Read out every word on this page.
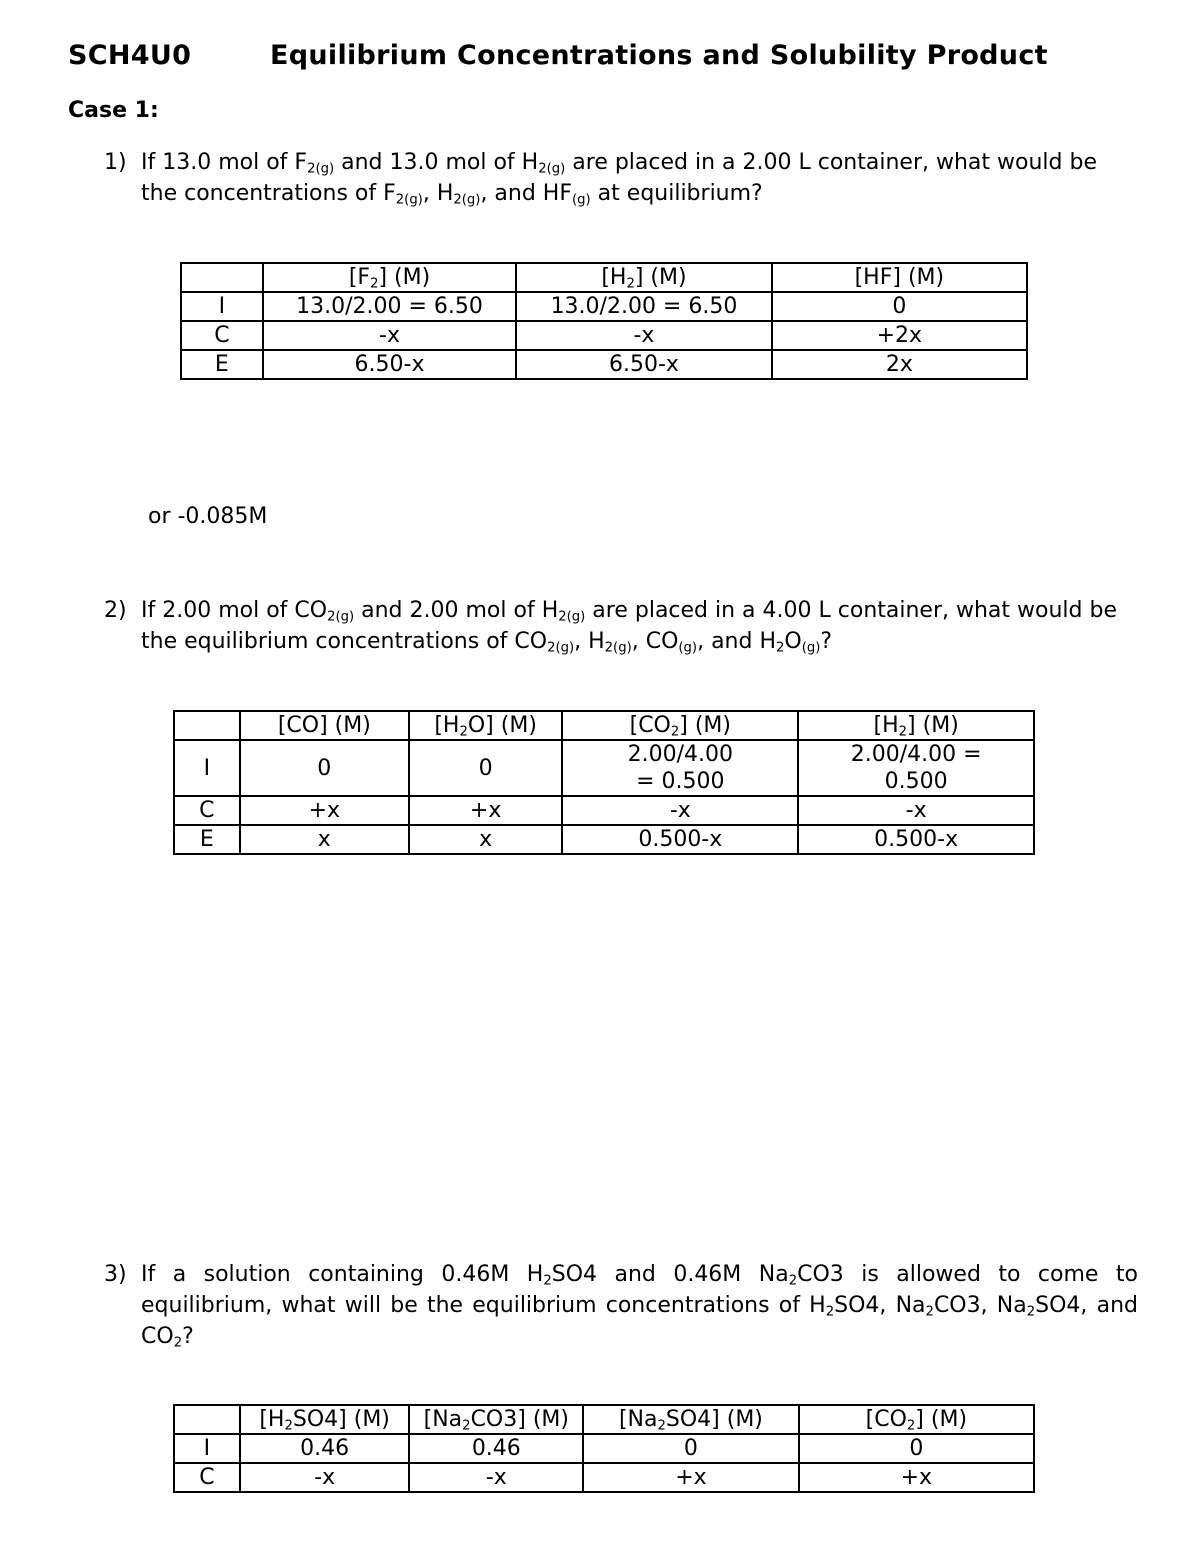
SCH4U0	Equilibrium Concentrations and Solubility Product
Case 1:
1) If 13.0 mol of $F_{2(g)}$ and 13.0 mol of $H_{2(g)}$ are placed in a 2.00 L container, what would be the concentrations of $F_{2(g)}$, $H_{2(g)}$, and $HF_{(g)}$ at equilibrium?
	$[F_2]$ (M)	$[H_2]$ (M)	[HF] (M)
I	13.0/2.00 = 6.50	13.0/2.00 = 6.50	0
C	-x	-x	+2x
E	6.50-x	6.50-x	2x
or -0.085M
2) If 2.00 mol of $CO_{2(g)}$ and 2.00 mol of $H_{2(g)}$ are placed in a 4.00 L container, what would be the equilibrium concentrations of $CO_{2(g)}$, $H_{2(g)}$, $CO_{(g)}$, and $H_2O_{(g)}$?
	[CO] (M)	$[H_2O]$ (M)	$[CO_2]$ (M)	$[H_2]$ (M)
I	0	0	2.00/4.00 = 0.500	2.00/4.00 = 0.500
C	+x	+x	-x	-x
E	x	x	0.500-x	0.500-x
3) If a solution containing 0.46M $H_2SO4$ and 0.46M $Na_2CO3$ is allowed to come to equilibrium, what will be the equilibrium concentrations of $H_2SO4$, $Na_2CO3$, $Na_2SO4$, and $CO_2$?
	$[H_2SO4]$ (M)	$[Na_2CO3]$ (M)	$[Na_2SO4]$ (M)	$[CO_2]$ (M)
I	0.46	0.46	0	0
C	-x	-x	+x	+x
